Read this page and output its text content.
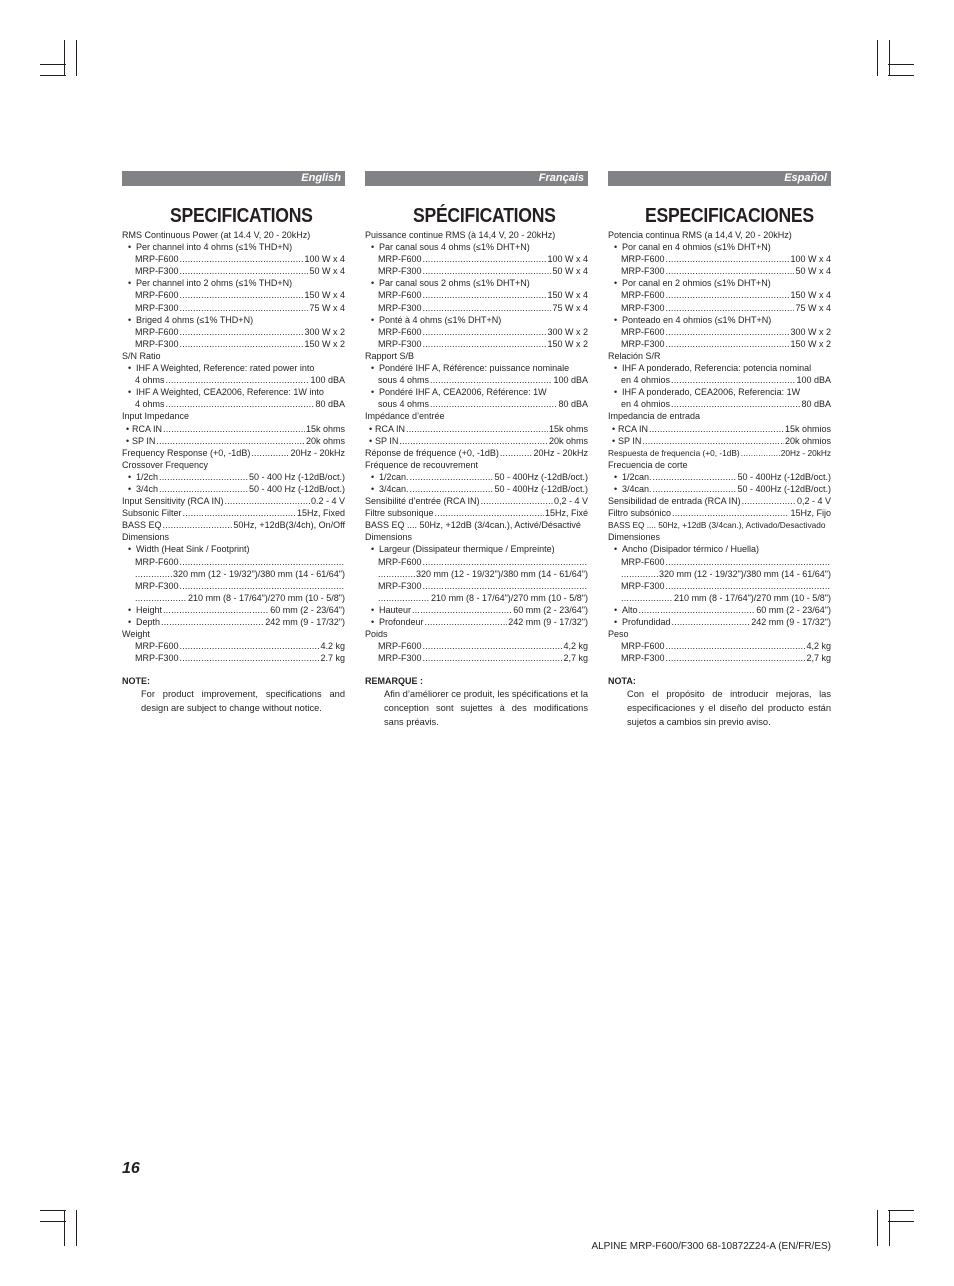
English
SPECIFICATIONS
RMS Continuous Power (at 14.4 V, 20 - 20kHz)
• Per channel into 4 ohms (≤1% THD+N)
MRP-F600 .....	100 W x 4
MRP-F300 .....	50 W x 4
• Per channel into 2 ohms (≤1% THD+N)
MRP-F600 .....	150 W x 4
MRP-F300 .....	75 W x 4
• Briged 4 ohms (≤1% THD+N)
MRP-F600 .....	300 W x 2
MRP-F300 .....	150 W x 2
S/N Ratio
• IHF A Weighted, Reference: rated power into
4 ohms .....	100 dBA
• IHF A Weighted, CEA2006, Reference: 1W into
4 ohms .....	80 dBA
Input Impedance
• RCA IN .....	15k ohms
• SP IN .....	20k ohms
Frequency Response (+0, -1dB) .....	20Hz - 20kHz
Crossover Frequency
• 1/2ch .....	50 - 400 Hz (-12dB/oct.)
• 3/4ch .....	50 - 400 Hz (-12dB/oct.)
Input Sensitivity (RCA IN) .....	0.2 - 4 V
Subsonic Filter .....	15Hz, Fixed
BASS EQ .....	50Hz, +12dB(3/4ch), On/Off
Dimensions
• Width (Heat Sink / Footprint)
MRP-F600
.....
.....
320 mm (12 - 19/32")/380 mm (14 - 61/64")
MRP-F300
.....
.....
210 mm (8 - 17/64")/270 mm (10 - 5/8")
• Height .....	60 mm (2 - 23/64")
• Depth .....	242 mm (9 - 17/32")
Weight
MRP-F600 .....	4.2 kg
MRP-F300 .....	2.7 kg
NOTE:
For product improvement, specifications and design are subject to change without notice.
Français
SPÉCIFICATIONS
Puissance continue RMS (à 14,4 V, 20 - 20kHz)
• Par canal sous 4 ohms (≤1% DHT+N)
MRP-F600 .....	100 W x 4
MRP-F300 .....	50 W x 4
• Par canal sous 2 ohms (≤1% DHT+N)
MRP-F600 .....	150 W x 4
MRP-F300 .....	75 W x 4
• Ponté à 4 ohms (≤1% DHT+N)
MRP-F600 .....	300 W x 2
MRP-F300 .....	150 W x 2
Rapport S/B
• Pondéré IHF A, Référence: puissance nominale
sous 4 ohms .....	100 dBA
• Pondéré IHF A, CEA2006, Référence: 1W
sous 4 ohms .....	80 dBA
Impédance d’entrée
• RCA IN .....	15k ohms
• SP IN .....	20k ohms
Réponse de fréquence (+0, -1dB) .....	20Hz - 20kHz
Fréquence de recouvrement
• 1/2can. .....	50 - 400Hz (-12dB/oct.)
• 3/4can. .....	50 - 400Hz (-12dB/oct.)
Sensibilité d’entrée (RCA IN) .....	0,2 - 4 V
Filtre subsonique .....	15Hz, Fixé
BASS EQ .... 50Hz, +12dB (3/4can.), Activé/Désactivé
Dimensions
• Largeur (Dissipateur thermique / Empreinte)
MRP-F600
.....
.....
320 mm (12 - 19/32")/380 mm (14 - 61/64")
MRP-F300
.....
.....
210 mm (8 - 17/64")/270 mm (10 - 5/8")
• Hauteur .....	60 mm (2 - 23/64")
• Profondeur .....	242 mm (9 - 17/32")
Poids
MRP-F600 .....	4,2 kg
MRP-F300 .....	2,7 kg
REMARQUE :
Afin d’améliorer ce produit, les spécifications et la conception sont sujettes à des modifications sans préavis.
Español
ESPECIFICACIONES
Potencia continua RMS (a 14,4 V, 20 - 20kHz)
• Por canal en 4 ohmios (≤1% DHT+N)
MRP-F600 .....	100 W x 4
MRP-F300 .....	50 W x 4
• Por canal en 2 ohmios (≤1% DHT+N)
MRP-F600 .....	150 W x 4
MRP-F300 .....	75 W x 4
• Ponteado en 4 ohmios (≤1% DHT+N)
MRP-F600 .....	300 W x 2
MRP-F300 .....	150 W x 2
Relación S/R
• IHF A ponderado, Referencia: potencia nominal
en 4 ohmios .....	100 dBA
• IHF A ponderado, CEA2006, Referencia: 1W
en 4 ohmios .....	80 dBA
Impedancia de entrada
• RCA IN .....	15k ohmios
• SP IN .....	20k ohmios
Respuesta de frequencia (+0, -1dB) .....	20Hz - 20kHz
Frecuencia de corte
• 1/2can. .....	50 - 400Hz (-12dB/oct.)
• 3/4can. .....	50 - 400Hz (-12dB/oct.)
Sensibilidad de entrada (RCA IN) .....	0,2 - 4 V
Filtro subsónico .....	15Hz, Fijo
BASS EQ .... 50Hz, +12dB (3/4can.), Activado/Desactivado
Dimensiones
• Ancho (Disipador térmico / Huella)
MRP-F600
.....
.....
320 mm (12 - 19/32")/380 mm (14 - 61/64")
MRP-F300
.....
.....
210 mm (8 - 17/64")/270 mm (10 - 5/8")
• Alto .....	60 mm (2 - 23/64")
• Profundidad .....	242 mm (9 - 17/32")
Peso
MRP-F600 .....	4,2 kg
MRP-F300 .....	2,7 kg
NOTA:
Con el propósito de introducir mejoras, las especificaciones y el diseño del producto están sujetos a cambios sin previo aviso.
16
ALPINE MRP-F600/F300 68-10872Z24-A (EN/FR/ES)
